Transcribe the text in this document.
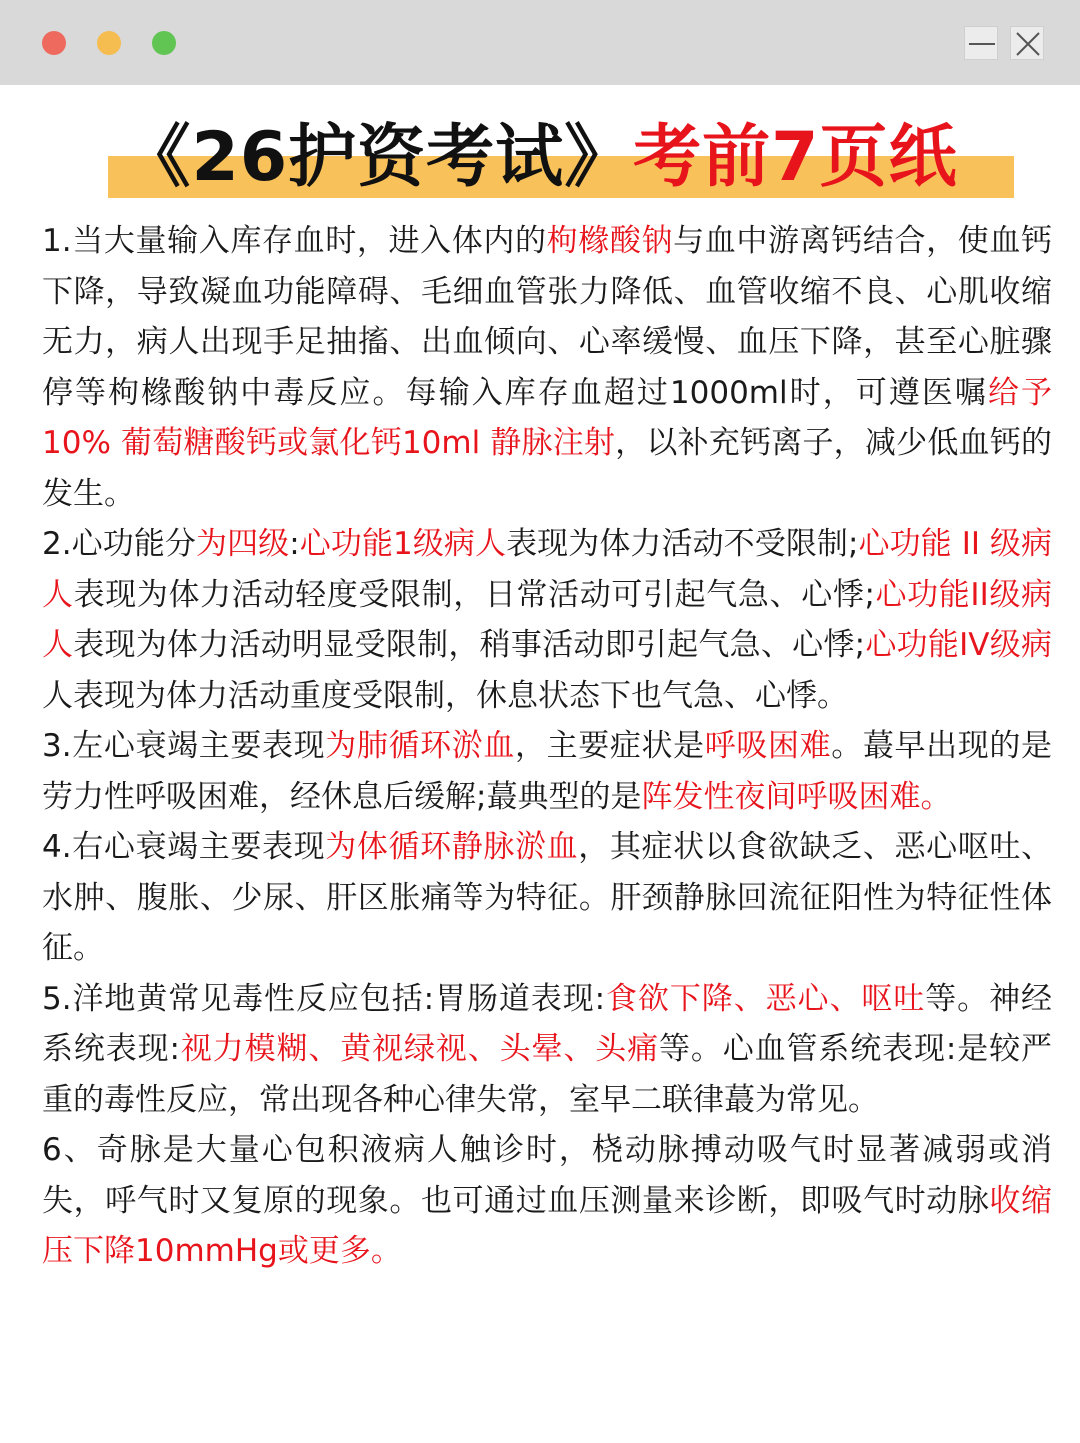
《26护资考试》考前7页纸

1.当大量输入库存血时，进入体内的枸橼酸钠与血中游离钙结合，使血钙下降，导致凝血功能障碍、毛细血管张力降低、血管收缩不良、心肌收缩无力，病人出现手足抽搐、出血倾向、心率缓慢、血压下降，甚至心脏骤停等枸橼酸钠中毒反应。每输入库存血超过1000ml时，可遵医嘱给予10% 葡萄糖酸钙或氯化钙10ml 静脉注射，以补充钙离子，减少低血钙的发生。

2.心功能分为四级:心功能1级病人表现为体力活动不受限制;心功能 II 级病人表现为体力活动轻度受限制，日常活动可引起气急、心悸;心功能II级病人表现为体力活动明显受限制，稍事活动即引起气急、心悸;心功能IV级病人表现为体力活动重度受限制，休息状态下也气急、心悸。

3.左心衰竭主要表现为肺循环淤血，主要症状是呼吸困难。蕞早出现的是劳力性呼吸困难，经休息后缓解;蕞典型的是阵发性夜间呼吸困难。

4.右心衰竭主要表现为体循环静脉淤血，其症状以食欲缺乏、恶心呕吐、水肿、腹胀、少尿、肝区胀痛等为特征。肝颈静脉回流征阳性为特征性体征。

5.洋地黄常见毒性反应包括:胃肠道表现:食欲下降、恶心、呕吐等。神经系统表现:视力模糊、黄视绿视、头晕、头痛等。心血管系统表现:是较严重的毒性反应，常出现各种心律失常，室早二联律蕞为常见。

6、奇脉是大量心包积液病人触诊时，桡动脉搏动吸气时显著减弱或消失，呼气时又复原的现象。也可通过血压测量来诊断，即吸气时动脉收缩压下降10mmHg或更多。
